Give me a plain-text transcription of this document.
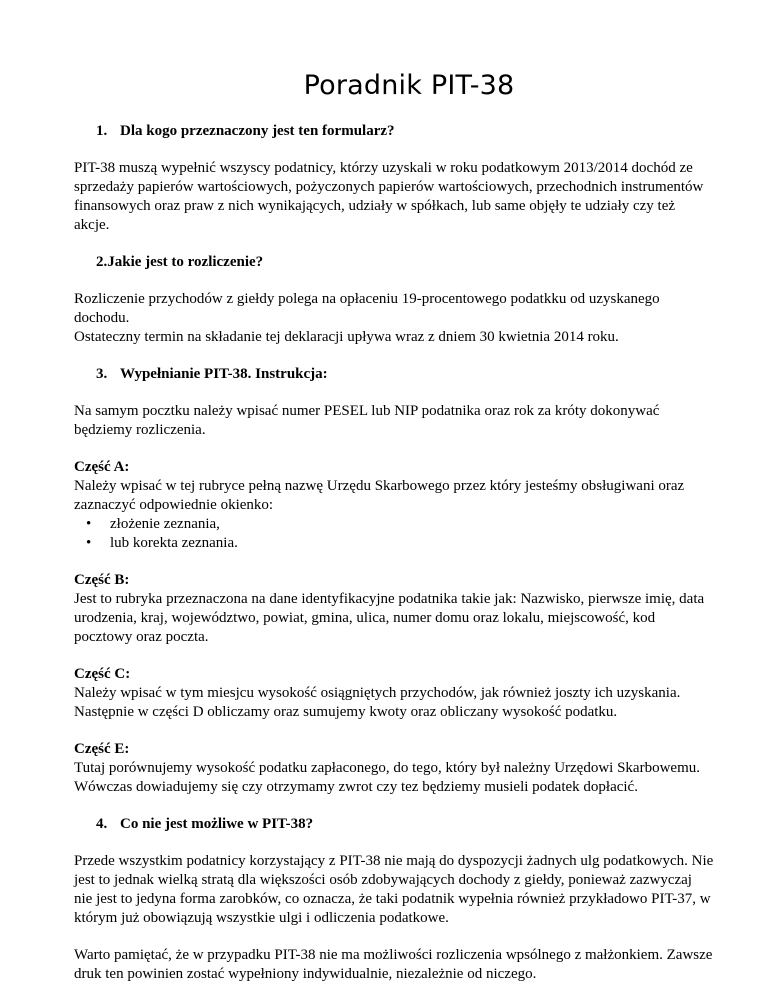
Poradnik PIT-38
1. Dla kogo przeznaczony jest ten formularz?

PIT-38 muszą wypełnić wszyscy podatnicy, którzy uzyskali w roku podatkowym 2013/2014 dochód ze sprzedaży papierów wartościowych, pożyczonych papierów wartościowych, przechodnich instrumentów finansowych oraz praw z nich wynikających, udziały w spółkach, lub same objęły te udziały czy też akcje.

2.Jakie jest to rozliczenie?

Rozliczenie przychodów z giełdy polega na opłaceniu 19-procentowego podatkku od uzyskanego dochodu.

Ostateczny termin na składanie tej deklaracji upływa wraz z dniem 30 kwietnia 2014 roku.

3. Wypełnianie PIT-38. Instrukcja:

Na samym pocztku należy wpisać numer PESEL lub NIP podatnika oraz rok za króty dokonywać będziemy rozliczenia.

Część A:

Należy wpisać w tej rubryce pełną nazwę Urzędu Skarbowego przez który jesteśmy obsługiwani oraz zaznaczyć odpowiednie okienko:

• złożenie zeznania,
• lub korekta zeznania.

Część B:

Jest to rubryka przeznaczona na dane identyfikacyjne podatnika takie jak: Nazwisko, pierwsze imię, data urodzenia, kraj, województwo, powiat, gmina, ulica, numer domu oraz lokalu, miejscowość, kod pocztowy oraz poczta.

Część C:

Należy wpisać w tym miesjcu wysokość osiągniętych przychodów, jak również joszty ich uzyskania. Następnie w części D obliczamy oraz sumujemy kwoty oraz obliczany wysokość podatku.

Część E:

Tutaj porównujemy wysokość podatku zapłaconego, do tego, który był należny Urzędowi Skarbowemu. Wówczas dowiadujemy się czy otrzymamy zwrot czy tez będziemy musieli podatek dopłacić.

4. Co nie jest możliwe w PIT-38?

Przede wszystkim podatnicy korzystający z PIT-38 nie mają do dyspozycji żadnych ulg podatkowych. Nie jest to jednak wielką stratą dla większości osób zdobywających dochody z giełdy, ponieważ zazwyczaj nie jest to jedyna forma zarobków, co oznacza, że taki podatnik wypełnia również przykładowo PIT-37, w którym już obowiązują wszystkie ulgi i odliczenia podatkowe.

Warto pamiętać, że w przypadku PIT-38 nie ma możliwości rozliczenia wpsólnego z małżonkiem. Zawsze druk ten powinien zostać wypełniony indywidualnie, niezależnie od niczego.
